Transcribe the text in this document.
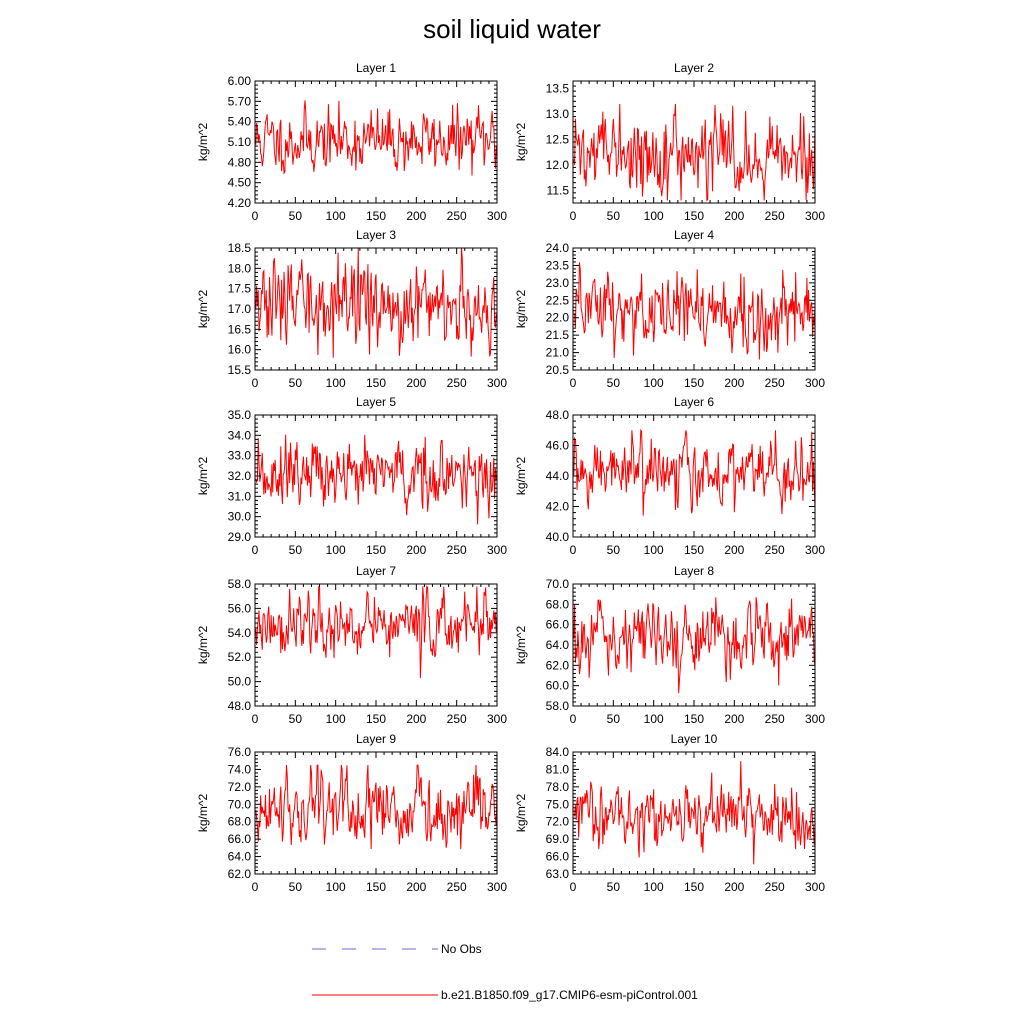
soil liquid water
Layer 1
kg/m^2
0	50 100 150 200 250 300
4.20
4.50
4.80
5.10
5.40
5.70
6.00
Layer 2
kg/m^2
0	50 100 150 200 250 300
11.5
12.0
12.5
13.0
13.5
Layer 3
kg/m^2
0	50 100 150 200 250 300
15.5
16.0
16.5
17.0
17.5
18.0
18.5
Layer 4
kg/m^2
0	50 100 150 200 250 300
20.5
21.0
21.5
22.0
22.5
23.0
23.5
24.0
Layer 5
kg/m^2
0	50 100 150 200 250 300
29.0
30.0
31.0
32.0
33.0
34.0
35.0
Layer 6
kg/m^2
0	50 100 150 200 250 300
40.0
42.0
44.0
46.0
48.0
Layer 7
kg/m^2
0	50 100 150 200 250 300
48.0
50.0
52.0
54.0
56.0
58.0
Layer 8
kg/m^2
0	50 100 150 200 250 300
58.0
60.0
62.0
64.0
66.0
68.0
70.0
Layer 9
kg/m^2
0	50 100 150 200 250 300
62.0
64.0
66.0
68.0
70.0
72.0
74.0
76.0
Layer 10
kg/m^2
0	50 100 150 200 250 300
63.0
66.0
69.0
72.0
75.0
78.0
81.0
84.0
No Obs
b.e21.B1850.f09_g17.CMIP6-esm-piControl.001
